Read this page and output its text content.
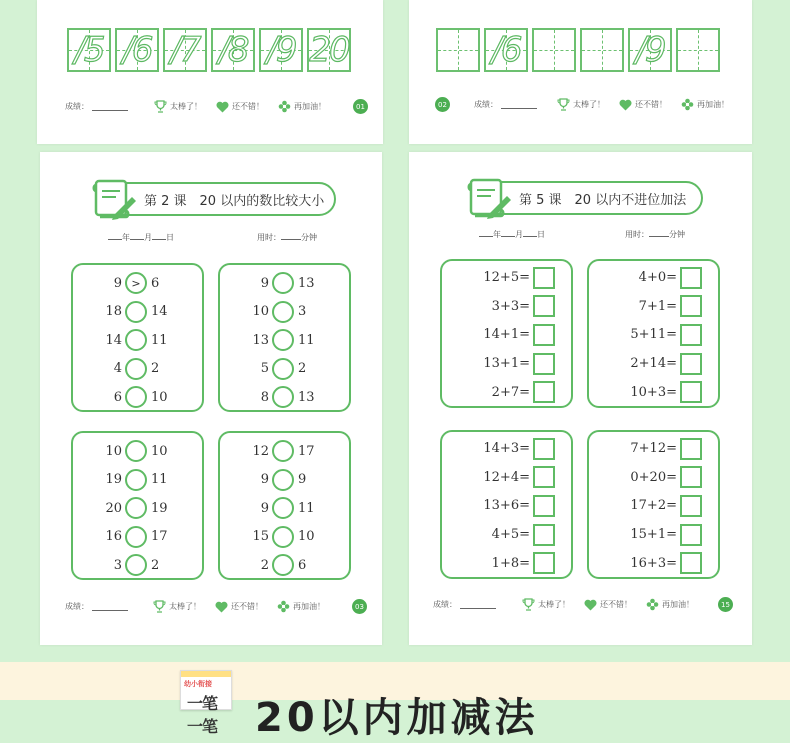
/5 /6 /7 /8 /9 20
成绩：	太棒了！	还不错！	再加油！	01
/6	/9
02	成绩：	太棒了！	还不错！	再加油！
第 2 课　20 以内的数比较大小
年 月 日	用时：	分钟
9 > 6
18	14
14	11
4	2
6	10
9	13
10	3
13	11
5	2
8	13
10	10
19	11
20	19
16	17
3	2
12	17
9	9
9	11
15	10
2	6
成绩：	太棒了！	还不错！	再加油！	03
第 5 课　20 以内不进位加法
年 月 日	用时：	分钟
12+5=
3+3=
14+1=
13+1=
2+7=
4+0=
7+1=
5+11=
2+14=
10+3=
14+3=
12+4=
13+6=
4+5=
1+8=
7+12=
0+20=
17+2=
15+1=
16+3=
成绩：	太棒了！	还不错！	再加油！	15
幼小衔接
一笔一笔 20以内加减法
